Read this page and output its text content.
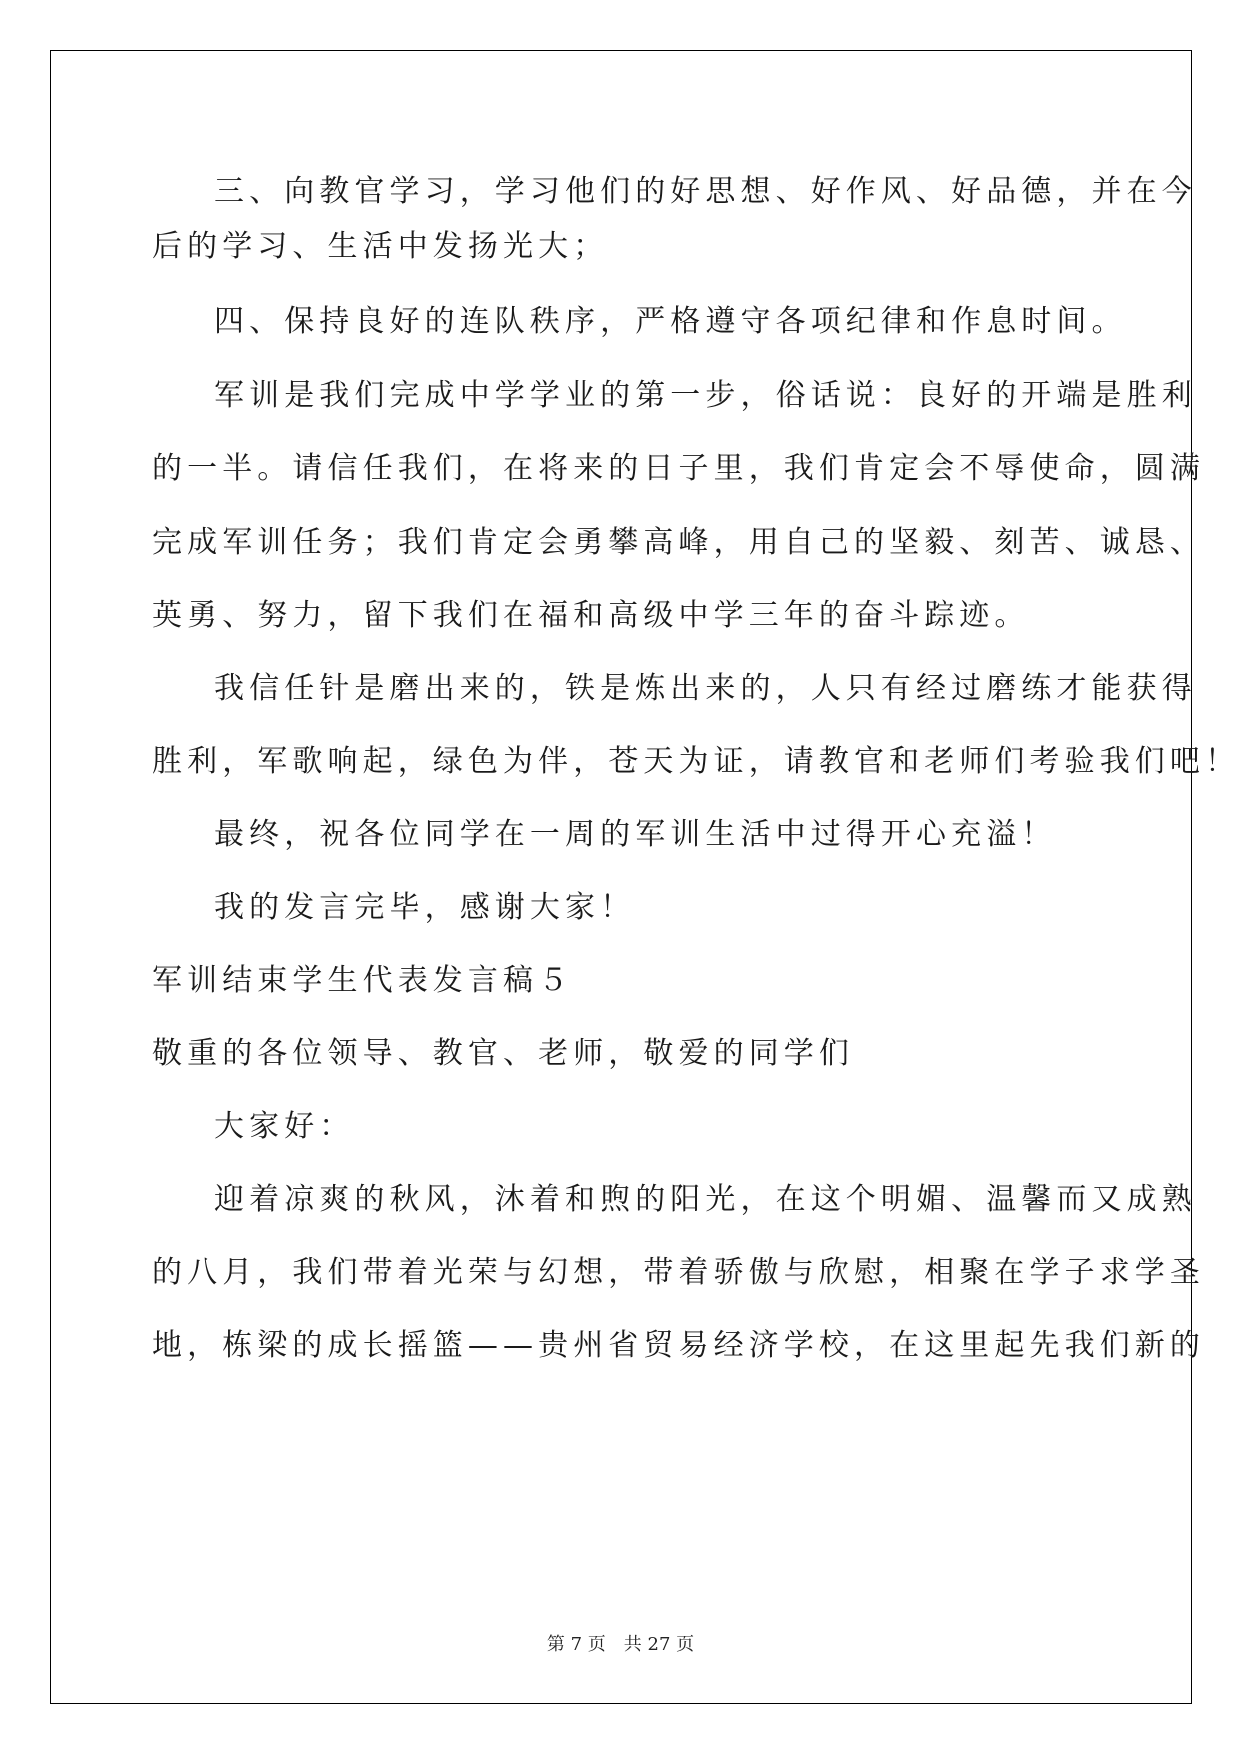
三、向教官学习，学习他们的好思想、好作风、好品德，并在今
后的学习、生活中发扬光大；
四、保持良好的连队秩序，严格遵守各项纪律和作息时间。
军训是我们完成中学学业的第一步，俗话说：良好的开端是胜利
的一半。请信任我们，在将来的日子里，我们肯定会不辱使命，圆满
完成军训任务；我们肯定会勇攀高峰，用自己的坚毅、刻苦、诚恳、
英勇、努力，留下我们在福和高级中学三年的奋斗踪迹。
我信任针是磨出来的，铁是炼出来的，人只有经过磨练才能获得
胜利，军歌响起，绿色为伴，苍天为证，请教官和老师们考验我们吧！
最终，祝各位同学在一周的军训生活中过得开心充溢！
我的发言完毕，感谢大家！
军训结束学生代表发言稿５
敬重的各位领导、教官、老师，敬爱的同学们
大家好：
迎着凉爽的秋风，沐着和煦的阳光，在这个明媚、温馨而又成熟
的八月，我们带着光荣与幻想，带着骄傲与欣慰，相聚在学子求学圣
地，栋梁的成长摇篮——贵州省贸易经济学校，在这里起先我们新的
第 7 页　共 27 页
